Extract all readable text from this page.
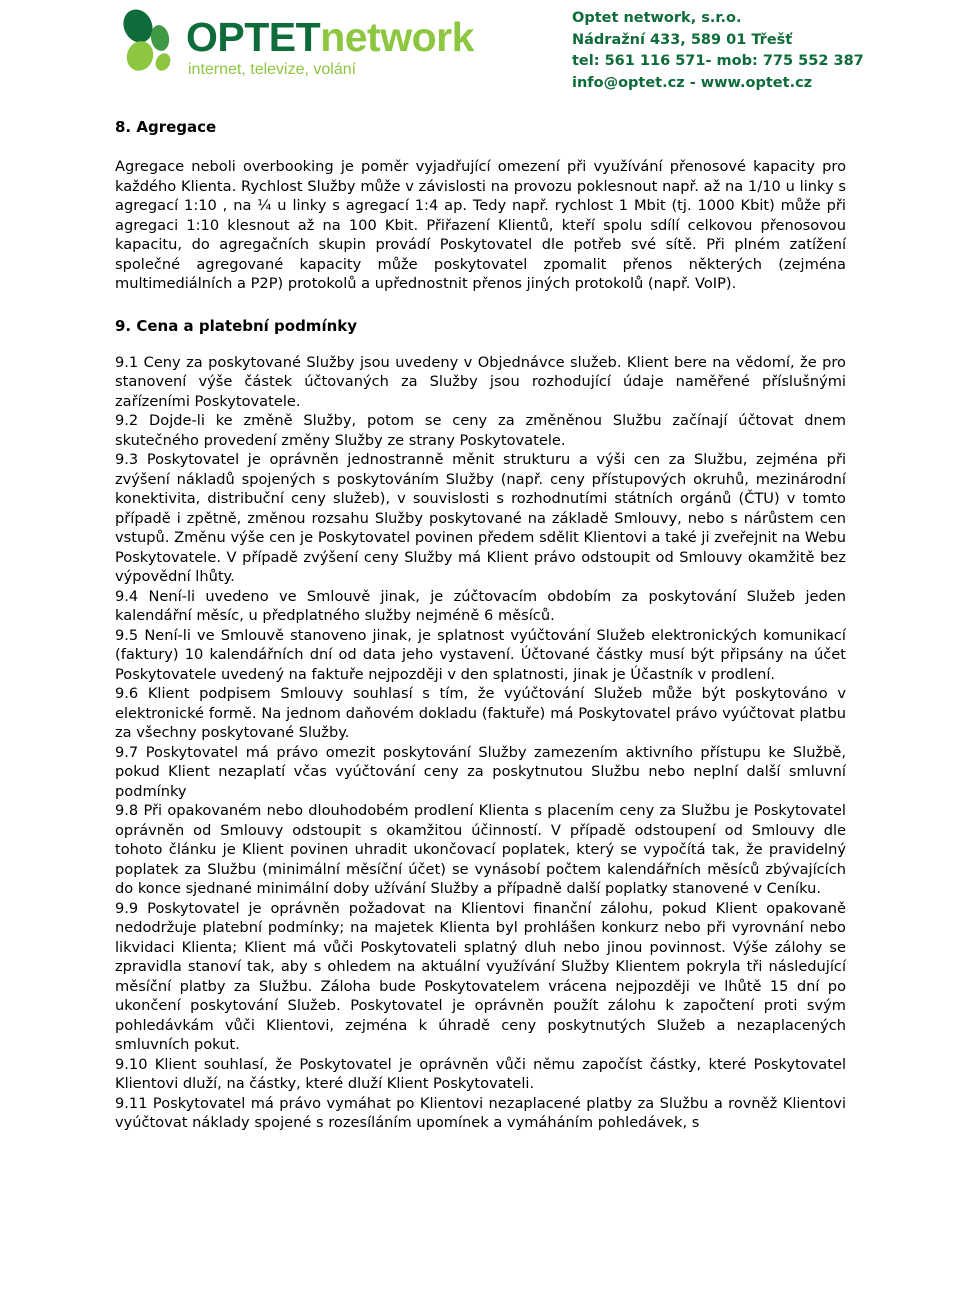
OPTETnetwork
internet, televize, volání
Optet network, s.r.o.
Nádražní 433, 589 01 Třešť
tel: 561 116 571- mob: 775 552 387
info@optet.cz - www.optet.cz
8. Agregace

Agregace neboli overbooking je poměr vyjadřující omezení při využívání přenosové kapacity pro každého Klienta. Rychlost Služby může v závislosti na provozu poklesnout např. až na 1/10 u linky s agregací 1:10 , na ¼ u linky s agregací 1:4 ap. Tedy např. rychlost 1 Mbit (tj. 1000 Kbit) může při agregaci 1:10 klesnout až na 100 Kbit. Přiřazení Klientů, kteří spolu sdílí celkovou přenosovou kapacitu, do agregačních skupin provádí Poskytovatel dle potřeb své sítě. Při plném zatížení společné agregované kapacity může poskytovatel zpomalit přenos některých (zejména multimediálních a P2P) protokolů a upřednostnit přenos jiných protokolů (např. VoIP).

9. Cena a platební podmínky

9.1 Ceny za poskytované Služby jsou uvedeny v Objednávce služeb. Klient bere na vědomí, že pro stanovení výše částek účtovaných za Služby jsou rozhodující údaje naměřené příslušnými zařízeními Poskytovatele.

9.2 Dojde-li ke změně Služby, potom se ceny za změněnou Službu začínají účtovat dnem skutečného provedení změny Služby ze strany Poskytovatele.

9.3 Poskytovatel je oprávněn jednostranně měnit strukturu a výši cen za Službu, zejména při zvýšení nákladů spojených s poskytováním Služby (např. ceny přístupových okruhů, mezinárodní konektivita, distribuční ceny služeb), v souvislosti s rozhodnutími státních orgánů (ČTU) v tomto případě i zpětně, změnou rozsahu Služby poskytované na základě Smlouvy, nebo s nárůstem cen vstupů. Změnu výše cen je Poskytovatel povinen předem sdělit Klientovi a také ji zveřejnit na Webu Poskytovatele. V případě zvýšení ceny Služby má Klient právo odstoupit od Smlouvy okamžitě bez výpovědní lhůty.

9.4 Není-li uvedeno ve Smlouvě jinak, je zúčtovacím obdobím za poskytování Služeb jeden kalendářní měsíc, u předplatného služby nejméně 6 měsíců.

9.5 Není-li ve Smlouvě stanoveno jinak, je splatnost vyúčtování Služeb elektronických komunikací (faktury) 10 kalendářních dní od data jeho vystavení. Účtované částky musí být připsány na účet Poskytovatele uvedený na faktuře nejpozději v den splatnosti, jinak je Účastník v prodlení.

9.6 Klient podpisem Smlouvy souhlasí s tím, že vyúčtování Služeb může být poskytováno v elektronické formě. Na jednom daňovém dokladu (faktuře) má Poskytovatel právo vyúčtovat platbu za všechny poskytované Služby.

9.7 Poskytovatel má právo omezit poskytování Služby zamezením aktivního přístupu ke Službě, pokud Klient nezaplatí včas vyúčtování ceny za poskytnutou Službu nebo neplní další smluvní podmínky

9.8 Při opakovaném nebo dlouhodobém prodlení Klienta s placením ceny za Službu je Poskytovatel oprávněn od Smlouvy odstoupit s okamžitou účinností. V případě odstoupení od Smlouvy dle tohoto článku je Klient povinen uhradit ukončovací poplatek, který se vypočítá tak, že pravidelný poplatek za Službu (minimální měsíční účet) se vynásobí počtem kalendářních měsíců zbývajících do konce sjednané minimální doby užívání Služby a případně další poplatky stanovené v Ceníku.

9.9 Poskytovatel je oprávněn požadovat na Klientovi finanční zálohu, pokud Klient opakovaně nedodržuje platební podmínky; na majetek Klienta byl prohlášen konkurz nebo při vyrovnání nebo likvidaci Klienta; Klient má vůči Poskytovateli splatný dluh nebo jinou povinnost. Výše zálohy se zpravidla stanoví tak, aby s ohledem na aktuální využívání Služby Klientem pokryla tři následující měsíční platby za Službu. Záloha bude Poskytovatelem vrácena nejpozději ve lhůtě 15 dní po ukončení poskytování Služeb. Poskytovatel je oprávněn použít zálohu k započtení proti svým pohledávkám vůči Klientovi, zejména k úhradě ceny poskytnutých Služeb a nezaplacených smluvních pokut.

9.10 Klient souhlasí, že Poskytovatel je oprávněn vůči němu započíst částky, které Poskytovatel Klientovi dluží, na částky, které dluží Klient Poskytovateli.

9.11 Poskytovatel má právo vymáhat po Klientovi nezaplacené platby za Službu a rovněž Klientovi vyúčtovat náklady spojené s rozesíláním upomínek a vymáháním pohledávek, s
